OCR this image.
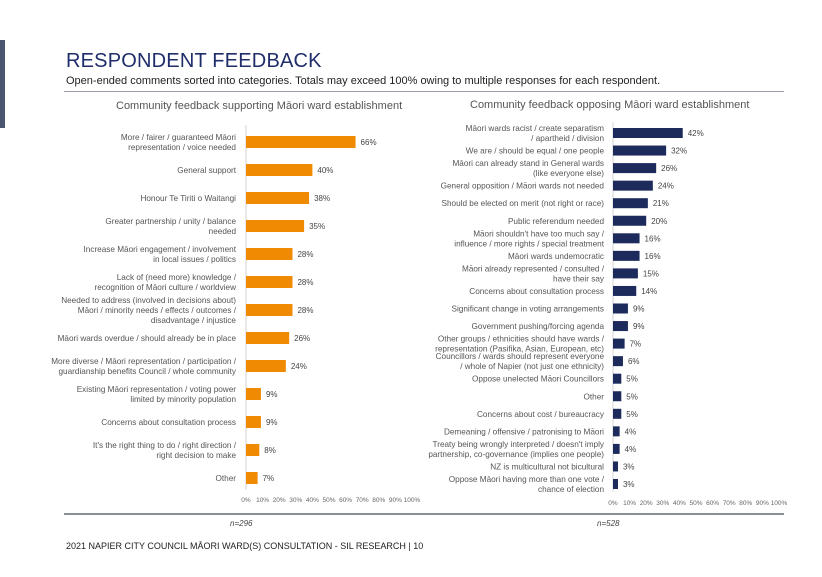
RESPONDENT FEEDBACK
Open-ended comments sorted into categories. Totals may exceed 100% owing to multiple responses for each respondent.
Community feedback supporting Māori ward establishment	Community feedback opposing Māori ward establishment
66%
More / fairer / guaranteed Māori
representation / voice needed
40%
General support
38%
Honour Te Tiriti o Waitangi
35%
Greater partnership / unity / balance
needed
28%
Increase Māori engagement / involvement
in local issues / politics
28%
Lack of (need more) knowledge /
recognition of Māori culture / worldview
28%
Needed to address (involved in decisions about)
Māori / minority needs / effects / outcomes /
disadvantage / injustice
26%
Māori wards overdue / should already be in place
24%
More diverse / Māori representation / participation /
guardianship benefits Council / whole community
9%
Existing Māori representation / voting power
limited by minority population
9%
Concerns about consultation process
8%
It's the right thing to do / right direction /
right decision to make
7%
Other
0% 10% 20% 30% 40% 50% 60% 70% 80% 90% 100%
42%
Māori wards racist / create separatism
/ apartheid / division
32%
We are / should be equal / one people
26%
Māori can already stand in General wards
(like everyone else)
24%
General opposition / Māori wards not needed
21%
Should be elected on merit (not right or race)
20%
Public referendum needed
16%
Māori shouldn't have too much say /
influence / more rights / special treatment
16%
Māori wards undemocratic
15%
Māori already represented / consulted /
have their say
14%
Concerns about consultation process
9%
Significant change in voting arrangements
9%
Government pushing/forcing agenda
7%
Other groups / ethnicities should have wards /
representation (Pasifika, Asian, European, etc)
6%
Councillors / wards should represent everyone
/ whole of Napier (not just one ethnicity)
5%
Oppose unelected Māori Councillors
5%
Other
5%
Concerns about cost / bureaucracy
4%
Demeaning / offensive / patronising to Māori
4%
Treaty being wrongly interpreted / doesn't imply
partnership, co-governance (implies one people)
3%
NZ is multicultural not bicultural
3%
Oppose Māori having more than one vote /
chance of election
0% 10% 20% 30% 40% 50% 60% 70% 80% 90% 100%
n=296	n=528
2021 NAPIER CITY COUNCIL MĀORI WARD(S) CONSULTATION - SIL RESEARCH | 10
